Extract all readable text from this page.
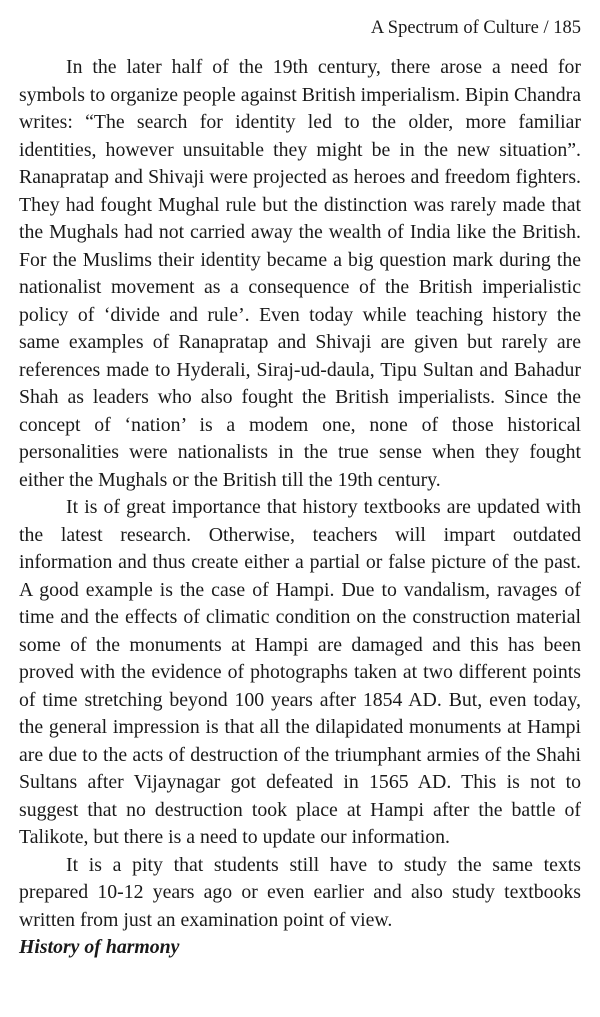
A Spectrum of Culture / 185

In the later half of the 19th century, there arose a need for symbols to organize people against British imperialism. Bipin Chandra writes: “The search for identity led to the older, more familiar identities, however unsuitable they might be in the new situation”. Ranapratap and Shivaji were projected as heroes and freedom fighters. They had fought Mughal rule but the distinction was rarely made that the Mughals had not carried away the wealth of India like the British. For the Muslims their identity became a big question mark during the nationalist movement as a consequence of the British imperialistic policy of ‘divide and rule’. Even today while teaching history the same examples of Ranapratap and Shivaji are given but rarely are references made to Hyderali, Siraj-ud-daula, Tipu Sultan and Bahadur Shah as leaders who also fought the British imperialists. Since the concept of ‘nation’ is a modem one, none of those historical personalities were nationalists in the true sense when they fought either the Mughals or the British till the 19th century.

It is of great importance that history textbooks are updated with the latest research. Otherwise, teachers will impart outdated information and thus create either a partial or false picture of the past. A good example is the case of Hampi. Due to vandalism, ravages of time and the effects of climatic condition on the construction material some of the monuments at Hampi are damaged and this has been proved with the evidence of photographs taken at two different points of time stretching beyond 100 years after 1854 AD. But, even today, the general impression is that all the dilapidated monuments at Hampi are due to the acts of destruction of the triumphant armies of the Shahi Sultans after Vijaynagar got defeated in 1565 AD. This is not to suggest that no destruction took place at Hampi after the battle of Talikote, but there is a need to update our information.

It is a pity that students still have to study the same texts prepared 10-12 years ago or even earlier and also study textbooks written from just an examination point of view.

History of harmony
